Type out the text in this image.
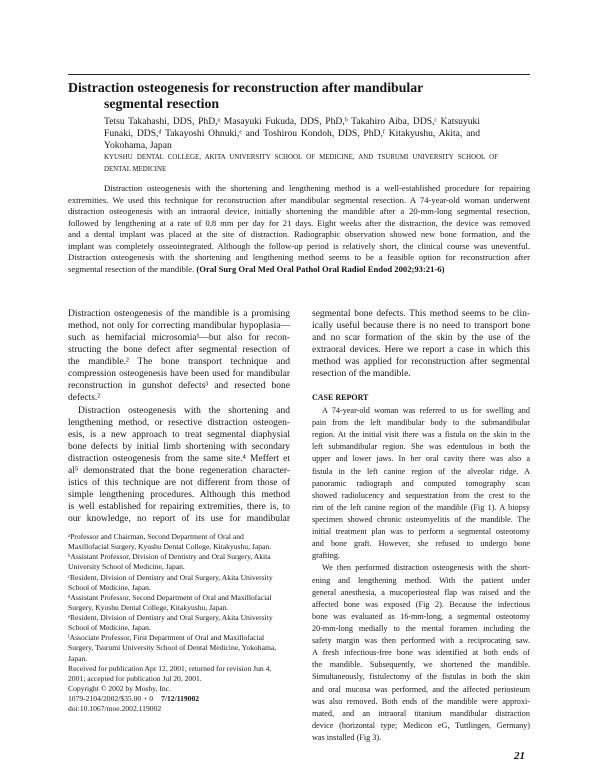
Distraction osteogenesis for reconstruction after mandibular
segmental resection
Tetsu Takahashi, DDS, PhD,ᵃ Masayuki Fukuda, DDS, PhD,ᵇ Takahiro Aiba, DDS,ᶜ Katsuyuki
Funaki, DDS,ᵈ Takayoshi Ohnuki,ᵉ and Toshirou Kondoh, DDS, PhD,ᶠ Kitakyushu, Akita, and
Yokohama, Japan
KYUSHU DENTAL COLLEGE, AKITA UNIVERSITY SCHOOL OF MEDICINE, AND TSURUMI UNIVERSITY SCHOOL OF
DENTAL MEDICINE
Distraction osteogenesis with the shortening and lengthening method is a well-established procedure for repairing
extremities. We used this technique for reconstruction after mandibular segmental resection. A 74-year-old woman underwent
distraction osteogenesis with an intraoral device, initially shortening the mandible after a 20-mm-long segmental resection,
followed by lengthening at a rate of 0.8 mm per day for 21 days. Eight weeks after the distraction, the device was removed
and a dental implant was placed at the site of distraction. Radiographic observation showed new bone formation, and the
implant was completely osseointegrated. Although the follow-up period is relatively short, the clinical course was uneventful.
Distraction osteogenesis with the shortening and lengthening method seems to be a feasible option for reconstruction after
segmental resection of the mandible. (Oral Surg Oral Med Oral Pathol Oral Radiol Endod 2002;93:21-6)
Distraction osteogenesis of the mandible is a promising
method, not only for correcting mandibular hypoplasia—
such as hemifacial microsomia¹—but also for recon-
structing the bone defect after segmental resection of
the mandible.² The bone transport technique and
compression osteogenesis have been used for mandibular
reconstruction in gunshot defects³ and resected bone
defects.²
Distraction osteogenesis with the shortening and
lengthening method, or resective distraction osteogen-
esis, is a new approach to treat segmental diaphysial
bone defects by initial limb shortening with secondary
distraction osteogenesis from the same site.⁴ Meffert et
al⁵ demonstrated that the bone regeneration character-
istics of this technique are not different from those of
simple lengthening procedures. Although this method
is well established for repairing extremities, there is, to
our knowledge, no report of its use for mandibular
ᵃProfessor and Chairman, Second Department of Oral and
Maxillofacial Surgery, Kyushu Dental College, Kitakyushu, Japan.
ᵇAssistant Professor, Division of Dentistry and Oral Surgery, Akita
University School of Medicine, Japan.
ᶜResident, Division of Dentistry and Oral Surgery, Akita University
School of Medicine, Japan.
ᵈAssistant Professor, Second Department of Oral and Maxillofacial
Surgery, Kyushu Dental College, Kitakyushu, Japan.
ᵉResident, Division of Dentistry and Oral Surgery, Akita University
School of Medicine, Japan.
ᶠAssociate Professor, First Department of Oral and Maxillofacial
Surgery, Tsurumi University School of Dental Medicine, Yokohama,
Japan.
Received for publication Apr 12, 2001; returned for revision Jun 4,
2001; accepted for publication Jul 20, 2001.
Copyright © 2002 by Mosby, Inc.
1079-2104/2002/$35.00 + 0 7/12/119002
doi:10.1067/moe.2002.119002
segmental bone defects. This method seems to be clin-
ically useful because there is no need to transport bone
and no scar formation of the skin by the use of the
extraoral devices. Here we report a case in which this
method was applied for reconstruction after segmental
resection of the mandible.
CASE REPORT
A 74-year-old woman was referred to us for swelling and
pain from the left mandibular body to the submandibular
region. At the initial visit there was a fistula on the skin in the
left submandibular region. She was edentulous in both the
upper and lower jaws. In her oral cavity there was also a
fistula in the left canine region of the alveolar ridge. A
panoramic radiograph and computed tomography scan
showed radiolucency and sequestration from the crest to the
rim of the left canine region of the mandible (Fig 1). A biopsy
specimen showed chronic osteomyelitis of the mandible. The
initial treatment plan was to perform a segmental osteotomy
and bone graft. However, she refused to undergo bone
grafting.
We then performed distraction osteogenesis with the short-
ening and lengthening method. With the patient under
general anesthesia, a mucoperiosteal flap was raised and the
affected bone was exposed (Fig 2). Because the infectious
bone was evaluated as 16-mm-long, a segmental osteotomy
20-mm-long medially to the mental foramen including the
safety margin was then performed with a reciprocating saw.
A fresh infectious-free bone was identified at both ends of
the mandible. Subsequently, we shortened the mandible.
Simultaneously, fistulectomy of the fistulas in both the skin
and oral mucosa was performed, and the affected periosteum
was also removed. Both ends of the mandible were approxi-
mated, and an intraoral titanium mandibular distraction
device (horizontal type; Medicon eG, Tuttlingen, Germany)
was installed (Fig 3).
21
